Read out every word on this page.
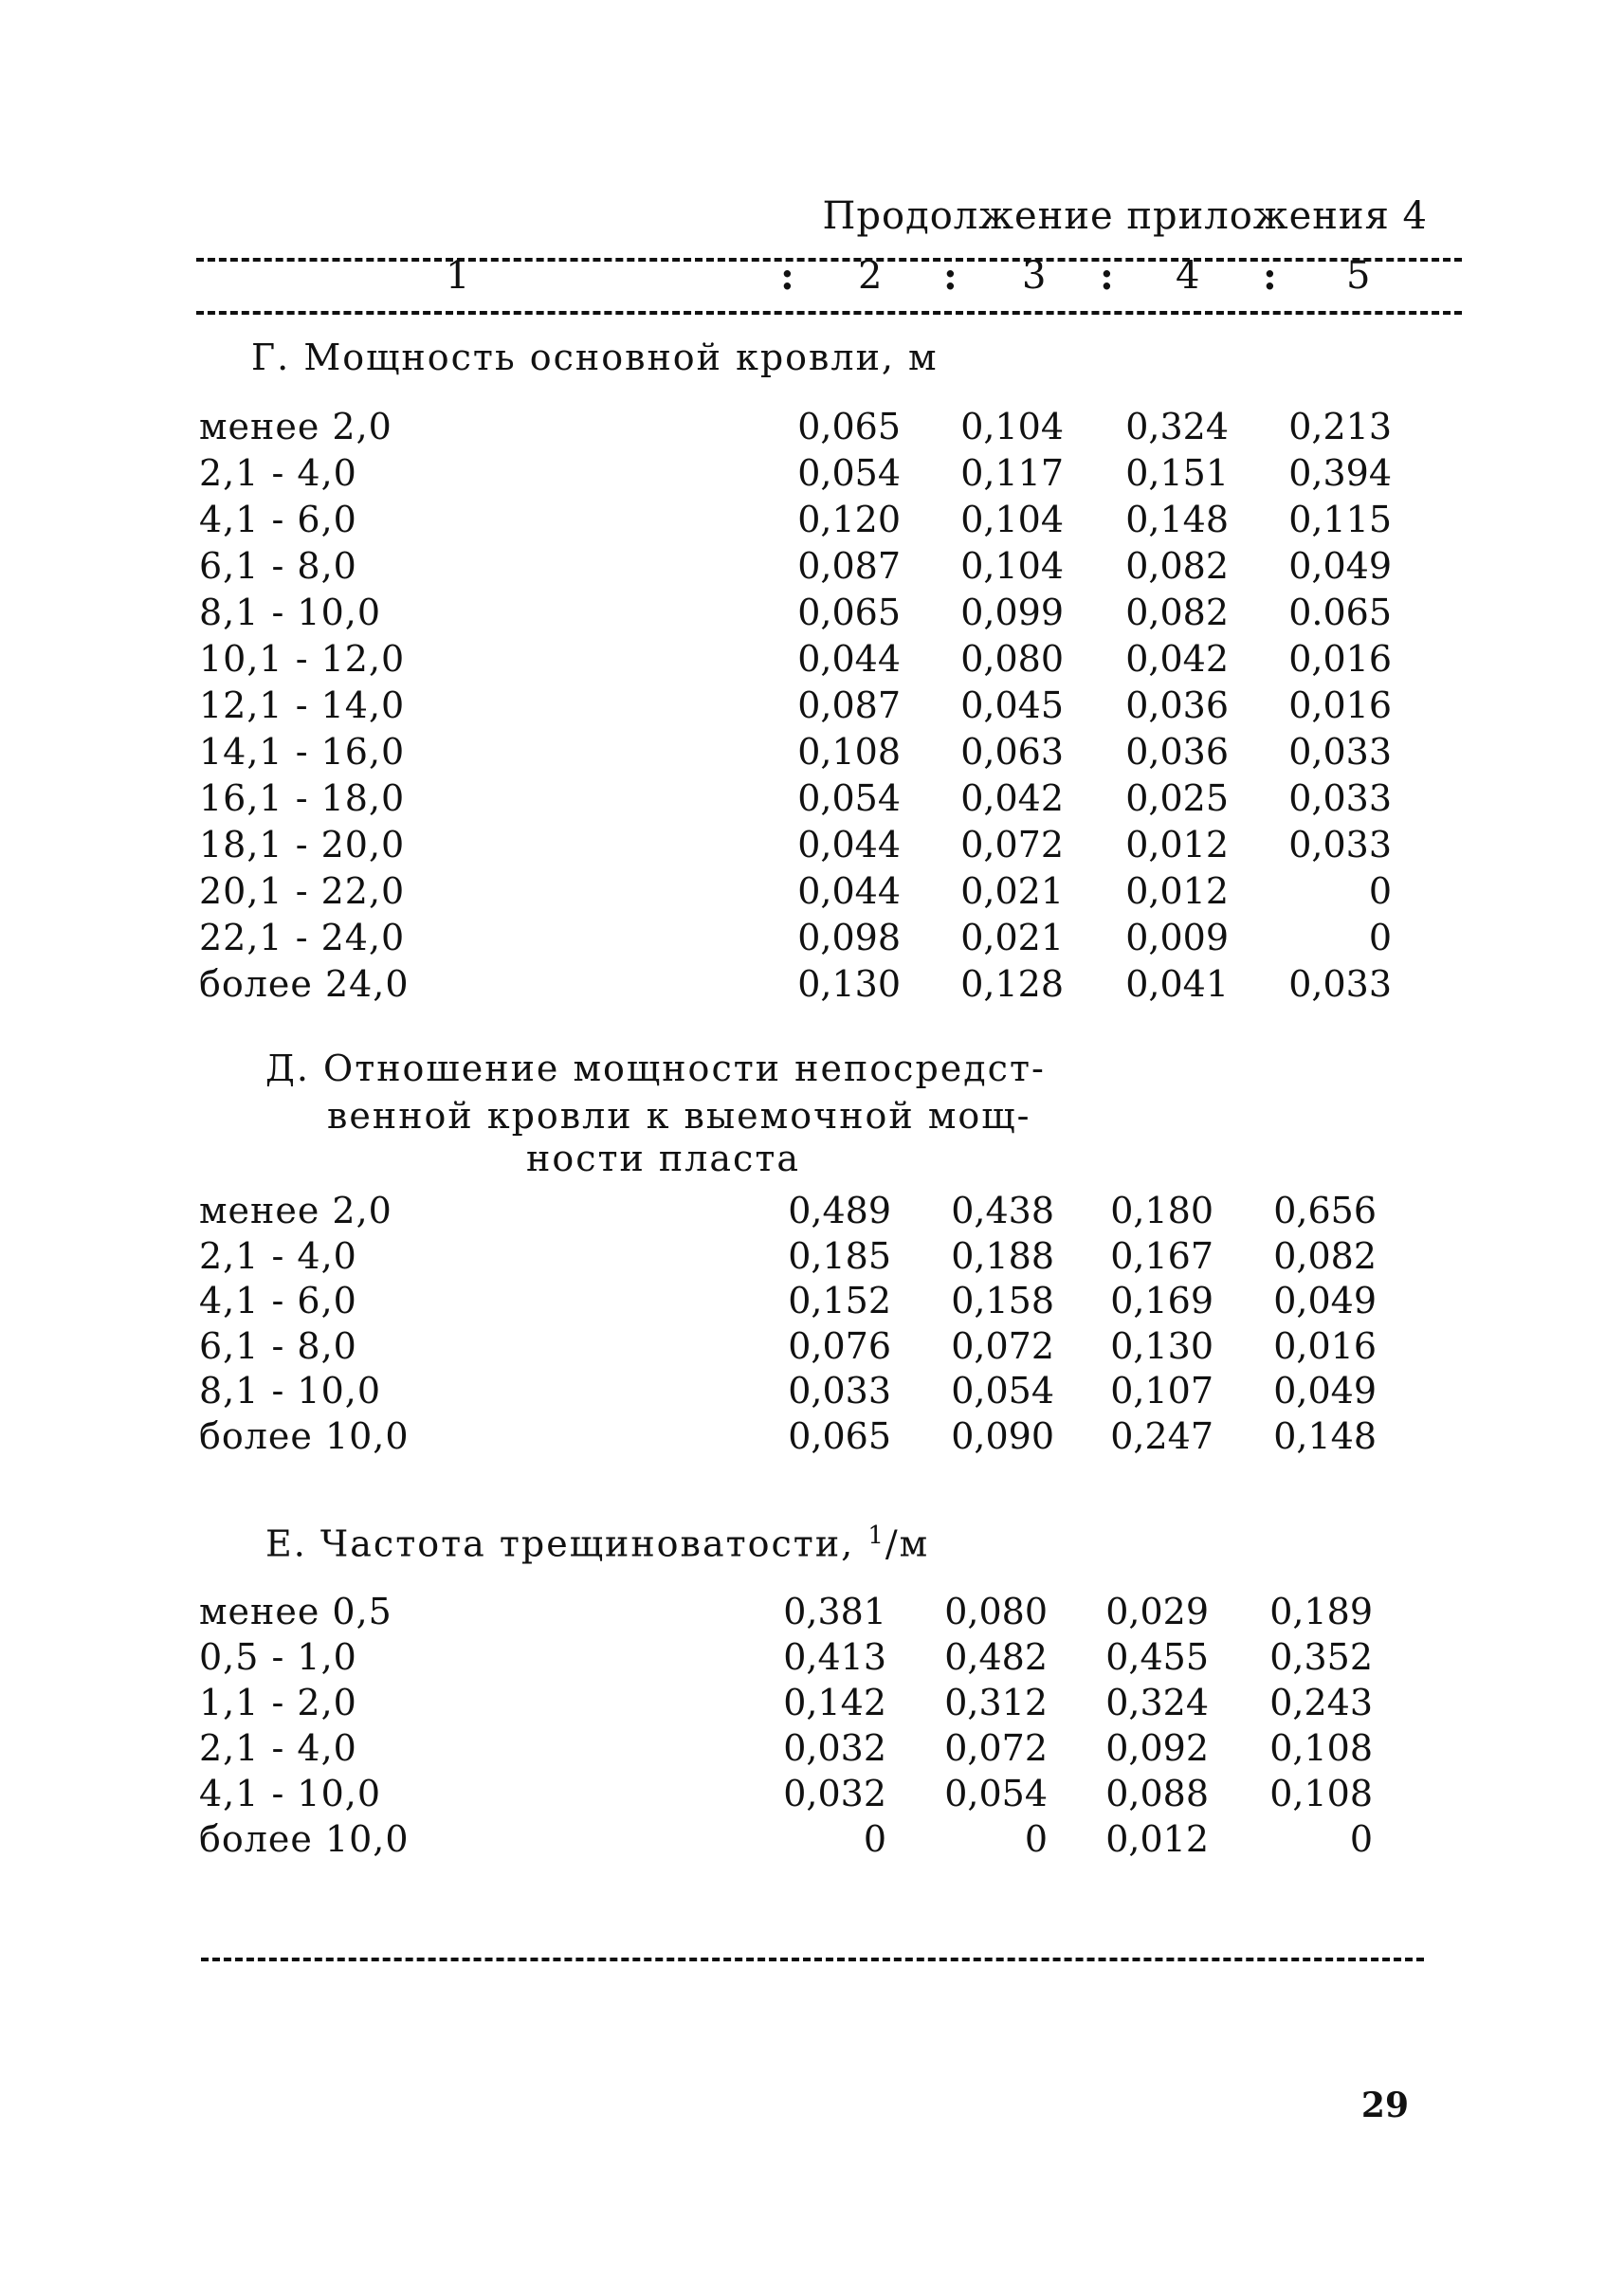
Продолжение приложения 4
1	: 2 : 3 : 4 : 5
Г. Мощность основной кровли, м
менее 2,0	0,065	0,104	0,324	0,213
2,1 - 4,0	0,054	0,117	0,151	0,394
4,1 - 6,0	0,120	0,104	0,148	0,115
6,1 - 8,0	0,087	0,104	0,082	0,049
8,1 - 10,0	0,065	0,099	0,082	0.065
10,1 - 12,0	0,044	0,080	0,042	0,016
12,1 - 14,0	0,087	0,045	0,036	0,016
14,1 - 16,0	0,108	0,063	0,036	0,033
16,1 - 18,0	0,054	0,042	0,025	0,033
18,1 - 20,0	0,044	0,072	0,012	0,033
20,1 - 22,0	0,044	0,021	0,012	0
22,1 - 24,0	0,098	0,021	0,009	0
более 24,0	0,130	0,128	0,041	0,033
Д. Отношение мощности непосредст-
венной кровли к выемочной мощ-
ности пласта
менее 2,0	0,489	0,438	0,180	0,656
2,1 - 4,0	0,185	0,188	0,167	0,082
4,1 - 6,0	0,152	0,158	0,169	0,049
6,1 - 8,0	0,076	0,072	0,130	0,016
8,1 - 10,0	0,033	0,054	0,107	0,049
более 10,0	0,065	0,090	0,247	0,148
Е. Частота трещиноватости, $^1$/м
менее 0,5	0,381	0,080	0,029	0,189
0,5 - 1,0	0,413	0,482	0,455	0,352
1,1 - 2,0	0,142	0,312	0,324	0,243
2,1 - 4,0	0,032	0,072	0,092	0,108
4,1 - 10,0	0,032	0,054	0,088	0,108
более 10,0	0	0	0,012	0
29
